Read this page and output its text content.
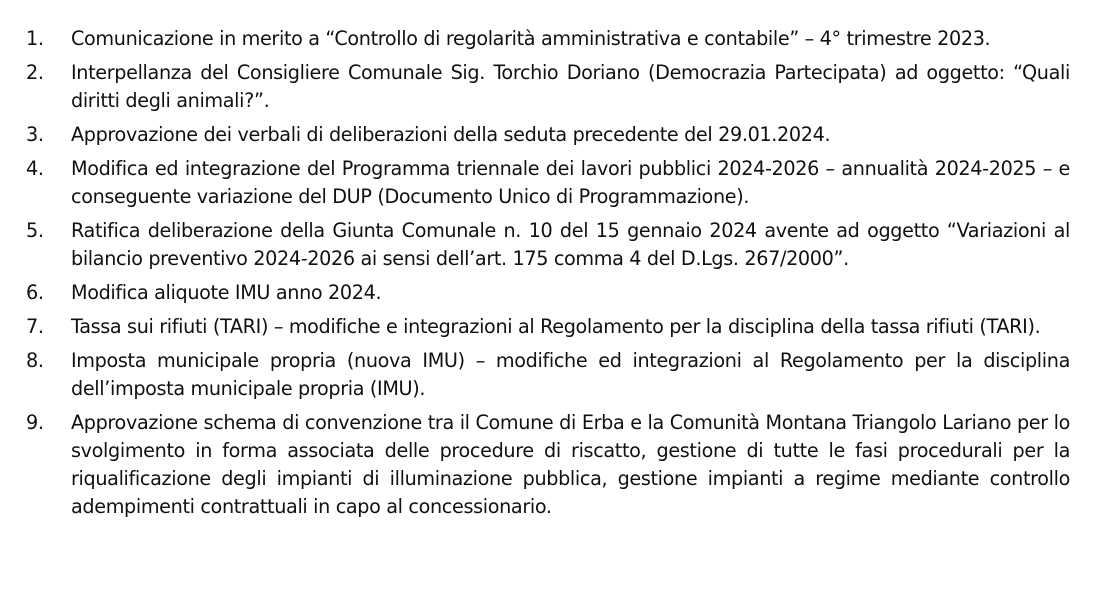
1.	Comunicazione in merito a “Controllo di regolarità amministrativa e contabile” – 4° trimestre 2023.
2.	Interpellanza del Consigliere Comunale Sig. Torchio Doriano (Democrazia Partecipata) ad oggetto: “Quali diritti degli animali?”.
3.	Approvazione dei verbali di deliberazioni della seduta precedente del 29.01.2024.
4.	Modifica ed integrazione del Programma triennale dei lavori pubblici 2024-2026 – annualità 2024-2025 – e conseguente variazione del DUP (Documento Unico di Programmazione).
5.	Ratifica deliberazione della Giunta Comunale n. 10 del 15 gennaio 2024 avente ad oggetto “Variazioni al bilancio preventivo 2024-2026 ai sensi dell’art. 175 comma 4 del D.Lgs. 267/2000”.
6.	Modifica aliquote IMU anno 2024.
7.	Tassa sui rifiuti (TARI) – modifiche e integrazioni al Regolamento per la disciplina della tassa rifiuti (TARI).
8.	Imposta municipale propria (nuova IMU) – modifiche ed integrazioni al Regolamento per la disciplina dell’imposta municipale propria (IMU).
9.	Approvazione schema di convenzione tra il Comune di Erba e la Comunità Montana Triangolo Lariano per lo svolgimento in forma associata delle procedure di riscatto, gestione di tutte le fasi procedurali per la riqualificazione degli impianti di illuminazione pubblica, gestione impianti a regime mediante controllo adempimenti contrattuali in capo al concessionario.
